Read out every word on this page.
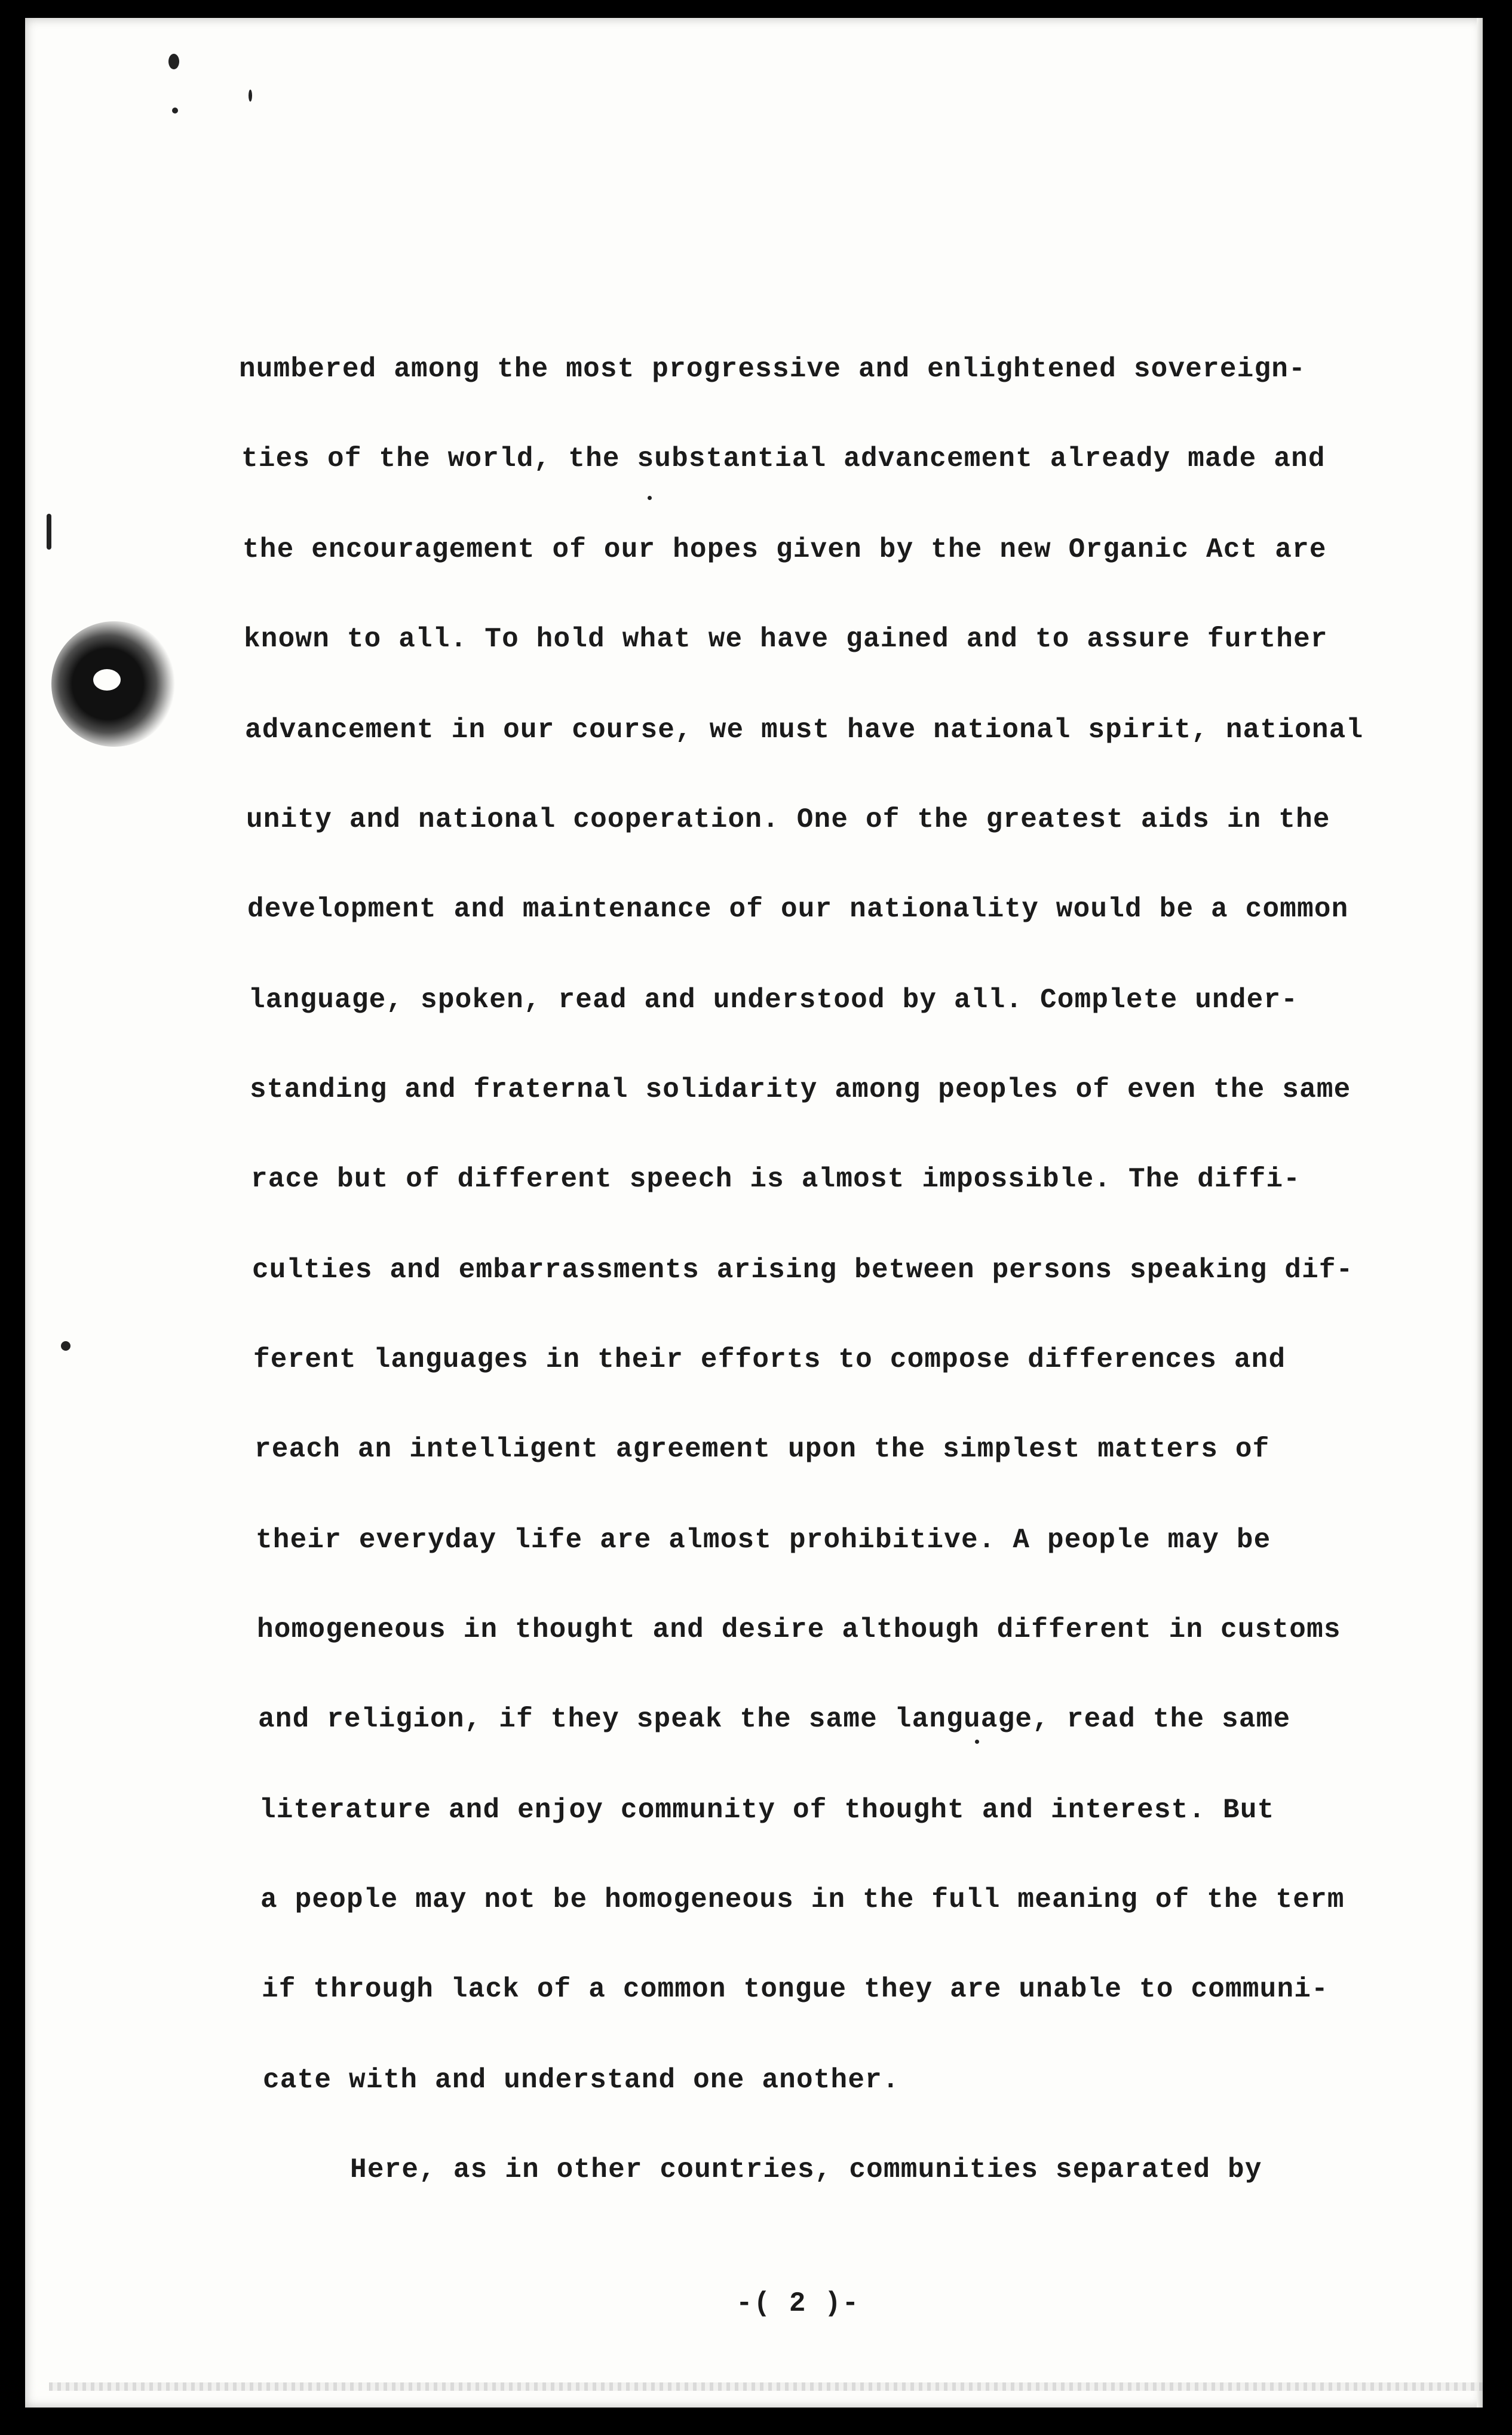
numbered among the most progressive and enlightened sovereign-
ties of the world, the substantial advancement already made and
the encouragement of our hopes given by the new Organic Act are
known to all. To hold what we have gained and to assure further
advancement in our course, we must have national spirit, national
unity and national cooperation. One of the greatest aids in the
development and maintenance of our nationality would be a common
language, spoken, read and understood by all. Complete under-
standing and fraternal solidarity among peoples of even the same
race but of different speech is almost impossible. The diffi-
culties and embarrassments arising between persons speaking dif-
ferent languages in their efforts to compose differences and
reach an intelligent agreement upon the simplest matters of
their everyday life are almost prohibitive. A people may be
homogeneous in thought and desire although different in customs
and religion, if they speak the same language, read the same
literature and enjoy community of thought and interest. But
a people may not be homogeneous in the full meaning of the term
if through lack of a common tongue they are unable to communi-
cate with and understand one another.
Here, as in other countries, communities separated by
-( 2 )-
